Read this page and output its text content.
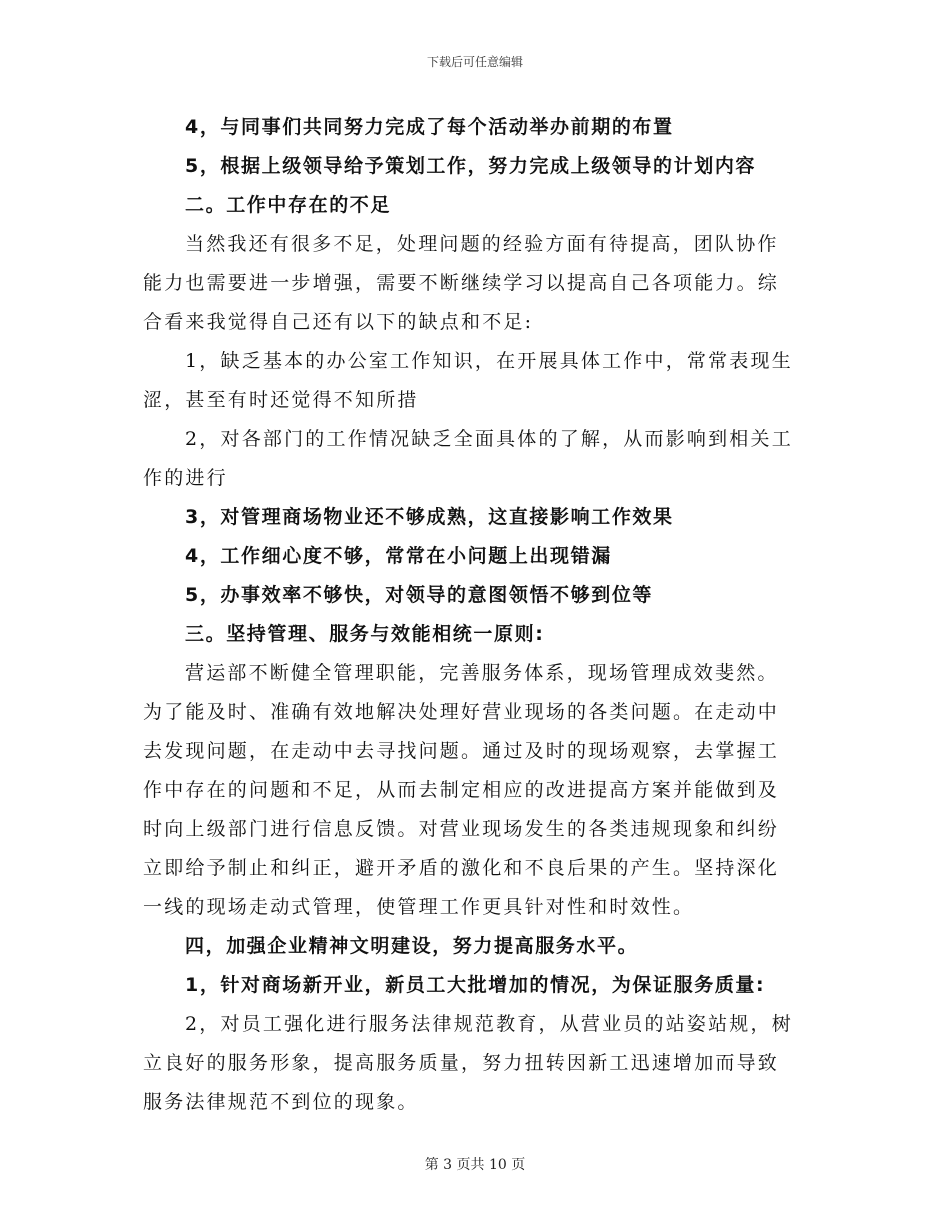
下载后可任意编辑
4，与同事们共同努力完成了每个活动举办前期的布置
5，根据上级领导给予策划工作，努力完成上级领导的计划内容
二。工作中存在的不足
当然我还有很多不足，处理问题的经验方面有待提高，团队协作
能力也需要进一步增强，需要不断继续学习以提高自己各项能力。综
合看来我觉得自己还有以下的缺点和不足:
1，缺乏基本的办公室工作知识，在开展具体工作中，常常表现生
涩，甚至有时还觉得不知所措
2，对各部门的工作情况缺乏全面具体的了解，从而影响到相关工
作的进行
3，对管理商场物业还不够成熟，这直接影响工作效果
4，工作细心度不够，常常在小问题上出现错漏
5，办事效率不够快，对领导的意图领悟不够到位等
三。坚持管理、服务与效能相统一原则:
营运部不断健全管理职能，完善服务体系，现场管理成效斐然。
为了能及时、准确有效地解决处理好营业现场的各类问题。在走动中
去发现问题，在走动中去寻找问题。通过及时的现场观察，去掌握工
作中存在的问题和不足，从而去制定相应的改进提高方案并能做到及
时向上级部门进行信息反馈。对营业现场发生的各类违规现象和纠纷
立即给予制止和纠正，避开矛盾的激化和不良后果的产生。坚持深化
一线的现场走动式管理，使管理工作更具针对性和时效性。
四，加强企业精神文明建设，努力提高服务水平。
1，针对商场新开业，新员工大批增加的情况，为保证服务质量:
2，对员工强化进行服务法律规范教育，从营业员的站姿站规，树
立良好的服务形象，提高服务质量，努力扭转因新工迅速增加而导致
服务法律规范不到位的现象。
第 3 页共 10 页
